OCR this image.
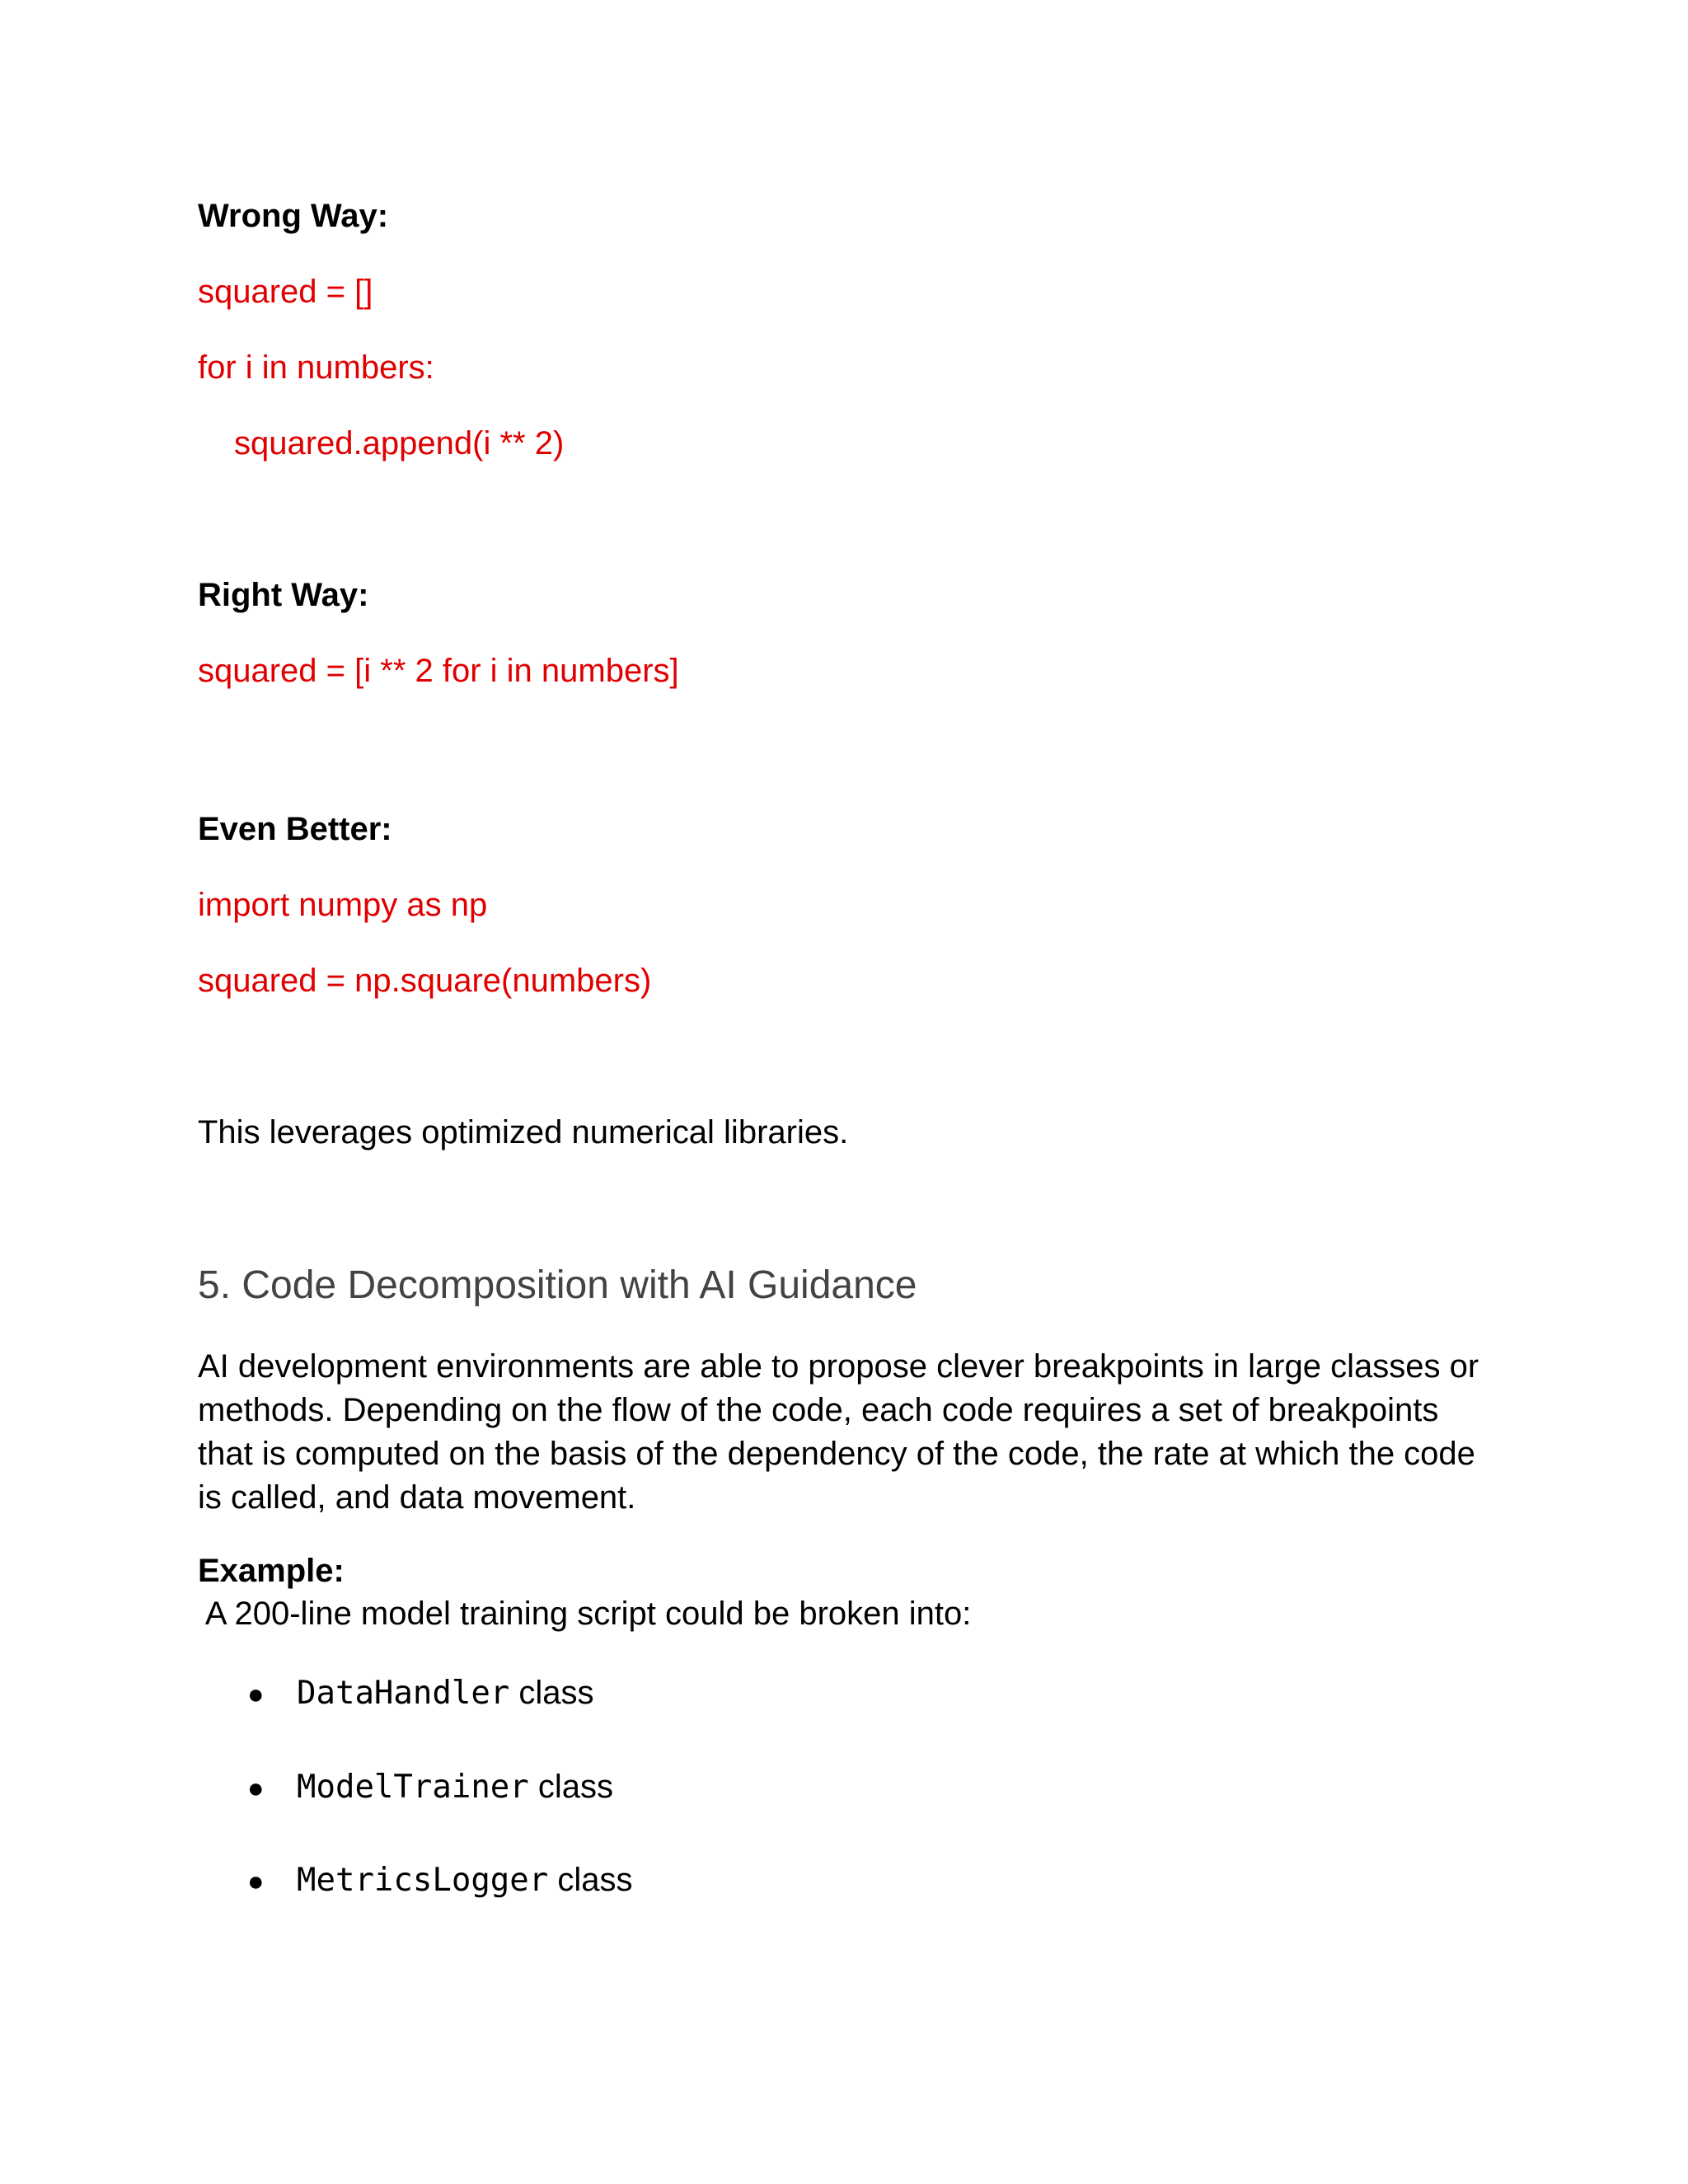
Wrong Way:
squared = []
for i in numbers:
squared.append(i ** 2)
Right Way:
squared = [i ** 2 for i in numbers]
Even Better:
import numpy as np
squared = np.square(numbers)
This leverages optimized numerical libraries.
5. Code Decomposition with AI Guidance
AI development environments are able to propose clever breakpoints in large classes or
methods. Depending on the flow of the code, each code requires a set of breakpoints
that is computed on the basis of the dependency of the code, the rate at which the code
is called, and data movement.
Example:
A 200-line model training script could be broken into:
● DataHandler class
● ModelTrainer class
● MetricsLogger class
